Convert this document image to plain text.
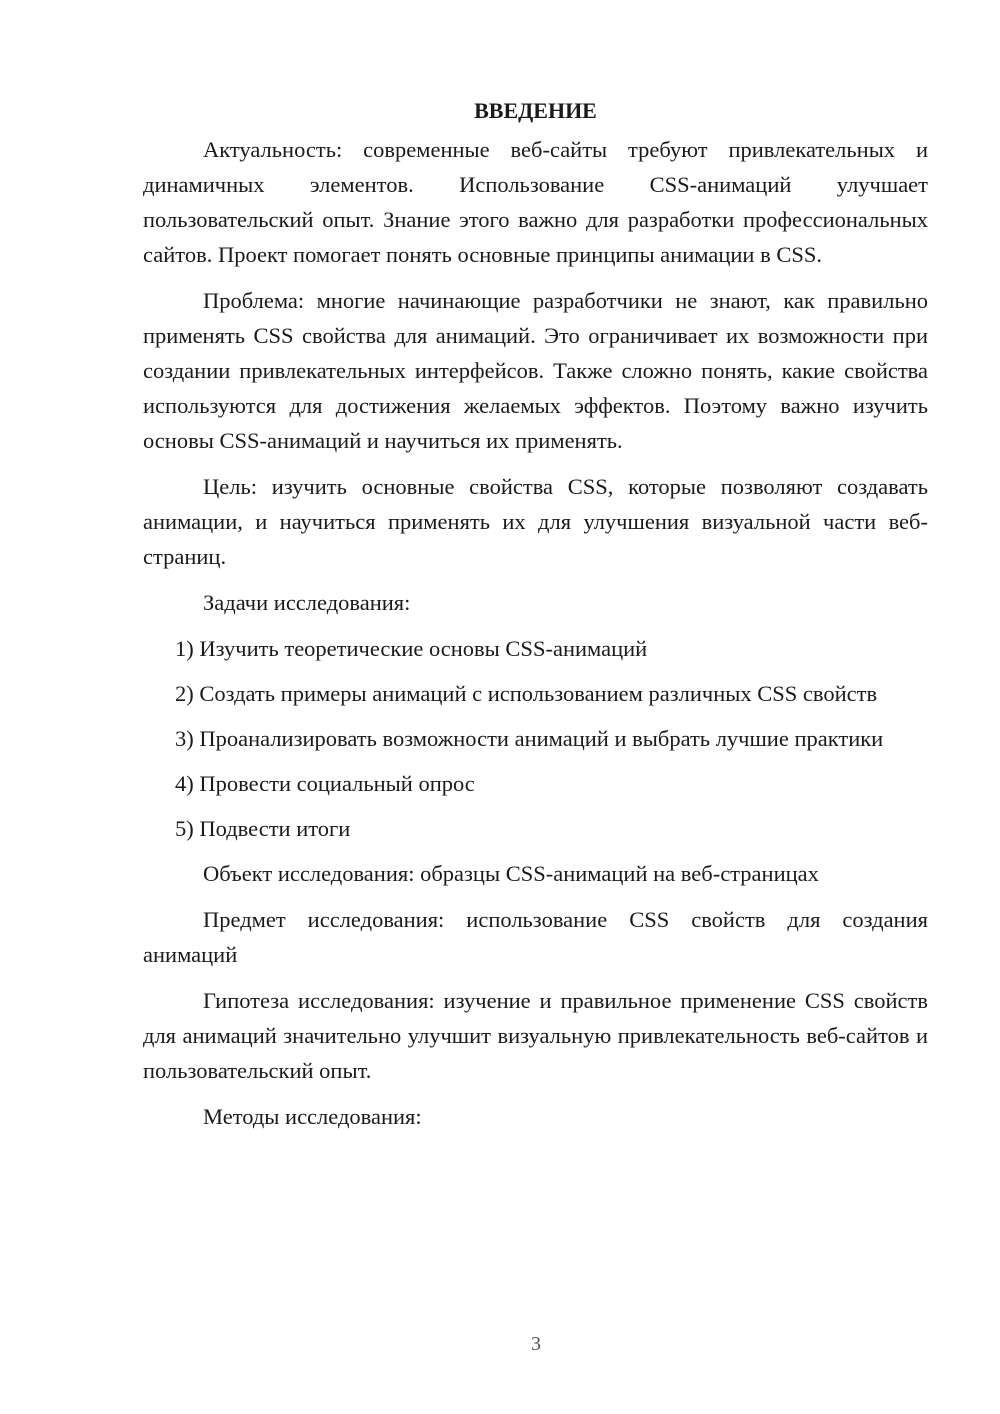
ВВЕДЕНИЕ

Актуальность: современные веб-сайты требуют привлекательных и динамичных элементов. Использование CSS-анимаций улучшает пользовательский опыт. Знание этого важно для разработки профессиональных сайтов. Проект помогает понять основные принципы анимации в CSS.

Проблема: многие начинающие разработчики не знают, как правильно применять CSS свойства для анимаций. Это ограничивает их возможности при создании привлекательных интерфейсов. Также сложно понять, какие свойства используются для достижения желаемых эффектов. Поэтому важно изучить основы CSS-анимаций и научиться их применять.

Цель: изучить основные свойства CSS, которые позволяют создавать анимации, и научиться применять их для улучшения визуальной части веб-страниц.

Задачи исследования:

1) Изучить теоретические основы CSS-анимаций

2) Создать примеры анимаций с использованием различных CSS свойств

3) Проанализировать возможности анимаций и выбрать лучшие практики

4) Провести социальный опрос

5) Подвести итоги

Объект исследования: образцы CSS-анимаций на веб-страницах

Предмет исследования: использование CSS свойств для создания анимаций

Гипотеза исследования: изучение и правильное применение CSS свойств для анимаций значительно улучшит визуальную привлекательность веб-сайтов и пользовательский опыт.

Методы исследования:

3
